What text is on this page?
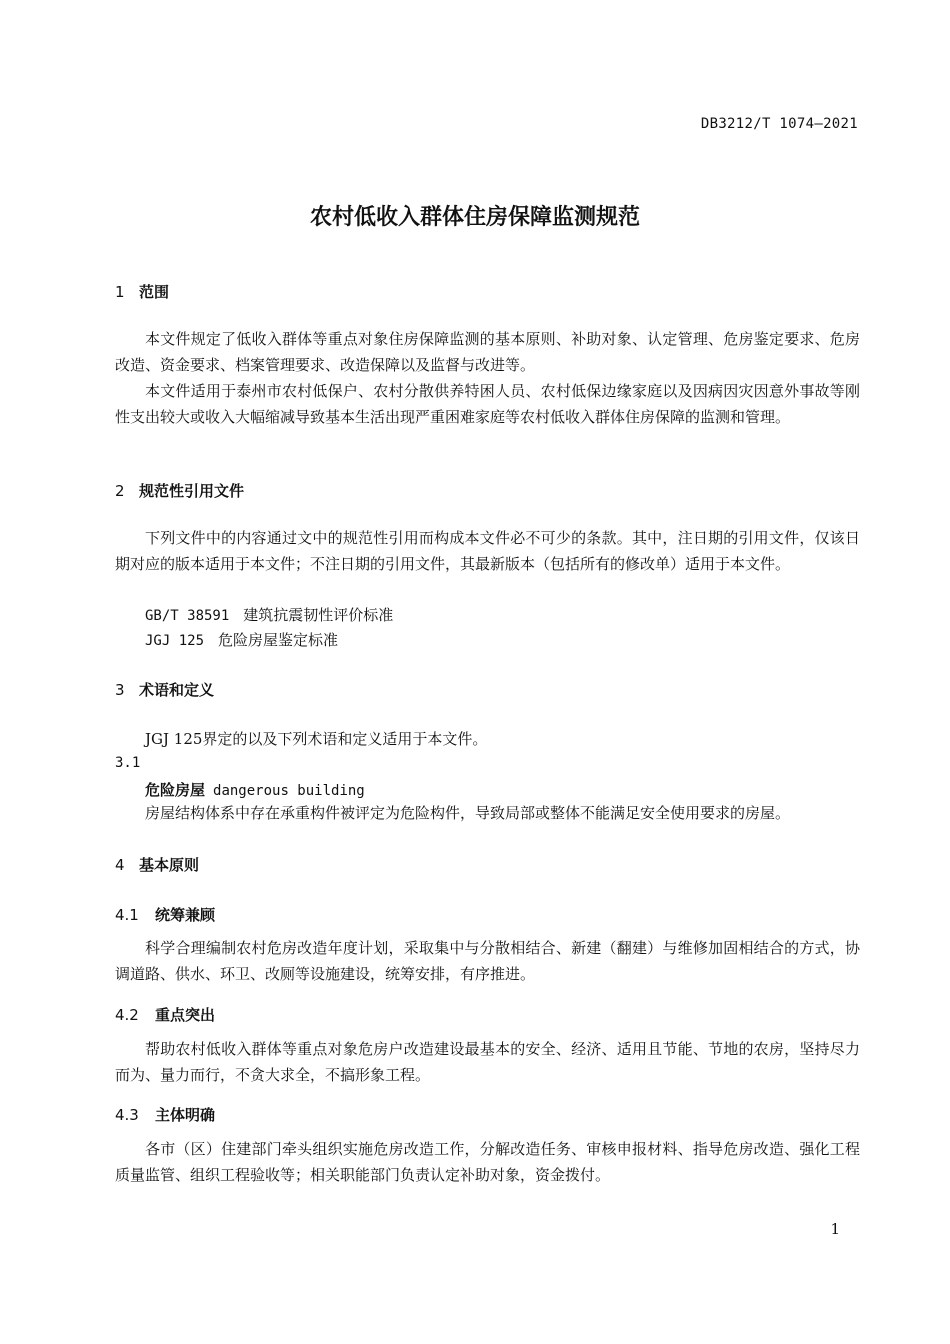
DB3212/T 1074—2021
农村低收入群体住房保障监测规范
1 范围

本文件规定了低收入群体等重点对象住房保障监测的基本原则、补助对象、认定管理、危房鉴定要求、危房改造、资金要求、档案管理要求、改造保障以及监督与改进等。

本文件适用于泰州市农村低保户、农村分散供养特困人员、农村低保边缘家庭以及因病因灾因意外事故等刚性支出较大或收入大幅缩减导致基本生活出现严重困难家庭等农村低收入群体住房保障的监测和管理。

2 规范性引用文件

下列文件中的内容通过文中的规范性引用而构成本文件必不可少的条款。其中，注日期的引用文件，仅该日期对应的版本适用于本文件；不注日期的引用文件，其最新版本（包括所有的修改单）适用于本文件。

GB/T 38591 建筑抗震韧性评价标准
JGJ 125 危险房屋鉴定标准
3 术语和定义

JGJ 125界定的以及下列术语和定义适用于本文件。

3.1
危险房屋 dangerous building

房屋结构体系中存在承重构件被评定为危险构件，导致局部或整体不能满足安全使用要求的房屋。

4 基本原则
4.1 统筹兼顾

科学合理编制农村危房改造年度计划，采取集中与分散相结合、新建（翻建）与维修加固相结合的方式，协调道路、供水、环卫、改厕等设施建设，统筹安排，有序推进。

4.2 重点突出

帮助农村低收入群体等重点对象危房户改造建设最基本的安全、经济、适用且节能、节地的农房，坚持尽力而为、量力而行，不贪大求全，不搞形象工程。

4.3 主体明确

各市（区）住建部门牵头组织实施危房改造工作，分解改造任务、审核申报材料、指导危房改造、强化工程质量监管、组织工程验收等；相关职能部门负责认定补助对象，资金拨付。

1
